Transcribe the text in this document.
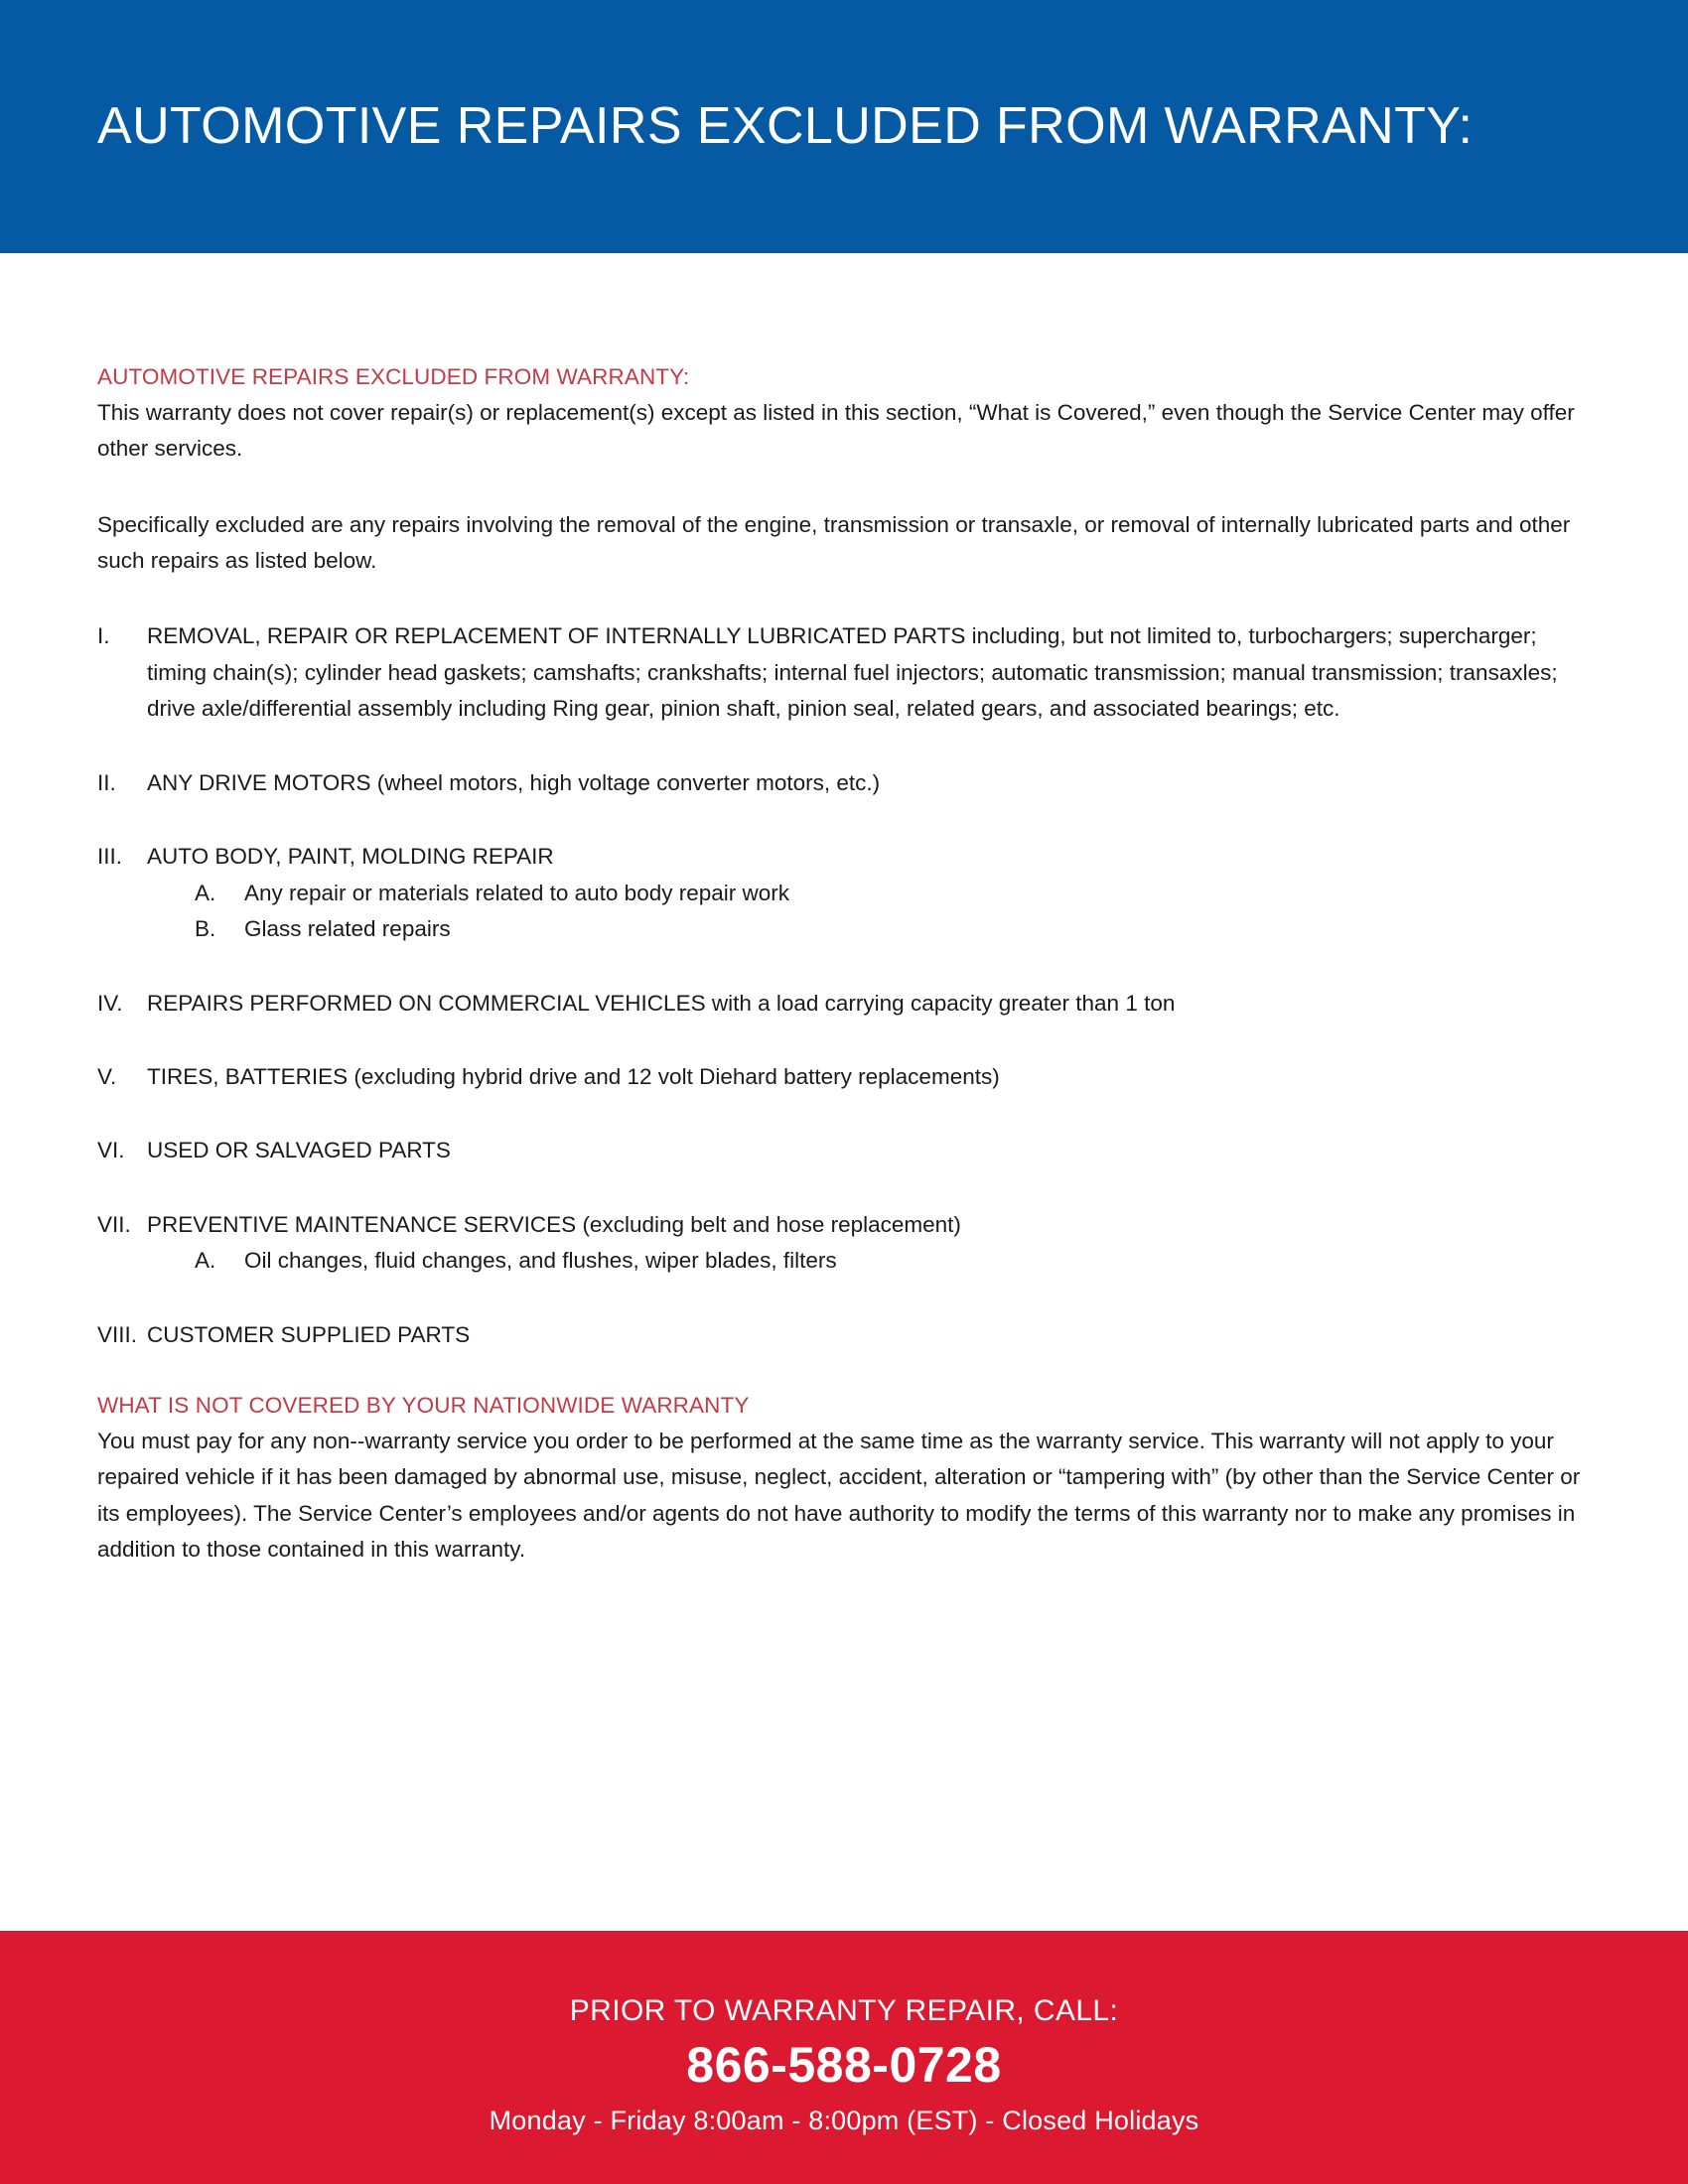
AUTOMOTIVE REPAIRS EXCLUDED FROM WARRANTY:
AUTOMOTIVE REPAIRS EXCLUDED FROM WARRANTY:

This warranty does not cover repair(s) or replacement(s) except as listed in this section, “What is Covered,” even though the Service Center may offer other services.

Specifically excluded are any repairs involving the removal of the engine, transmission or transaxle, or removal of internally lubricated parts and other such repairs as listed below.

I.	REMOVAL, REPAIR OR REPLACEMENT OF INTERNALLY LUBRICATED PARTS including, but not limited to, turbochargers; supercharger; timing chain(s); cylinder head gaskets; camshafts; crankshafts; internal fuel injectors; automatic transmission; manual transmission; transaxles; drive axle/differential assembly including Ring gear, pinion shaft, pinion seal, related gears, and associated bearings; etc.

II.	ANY DRIVE MOTORS (wheel motors, high voltage converter motors, etc.)

III.	AUTO BODY, PAINT, MOLDING REPAIR

A.	Any repair or materials related to auto body repair work

B.	Glass related repairs

IV.	REPAIRS PERFORMED ON COMMERCIAL VEHICLES with a load carrying capacity greater than 1 ton

V.	TIRES, BATTERIES (excluding hybrid drive and 12 volt Diehard battery replacements)

VI. USED OR SALVAGED PARTS

VII. PREVENTIVE MAINTENANCE SERVICES (excluding belt and hose replacement)

A.	Oil changes, fluid changes, and flushes, wiper blades, filters

VIII. CUSTOMER SUPPLIED PARTS

WHAT IS NOT COVERED BY YOUR NATIONWIDE WARRANTY

You must pay for any non--warranty service you order to be performed at the same time as the warranty service. This warranty will not apply to your repaired vehicle if it has been damaged by abnormal use, misuse, neglect, accident, alteration or “tampering with” (by other than the Service Center or its employees). The Service Center’s employees and/or agents do not have authority to modify the terms of this warranty nor to make any promises in addition to those contained in this warranty.

PRIOR TO WARRANTY REPAIR, CALL:
866-588-0728
Monday - Friday 8:00am - 8:00pm (EST) - Closed Holidays
